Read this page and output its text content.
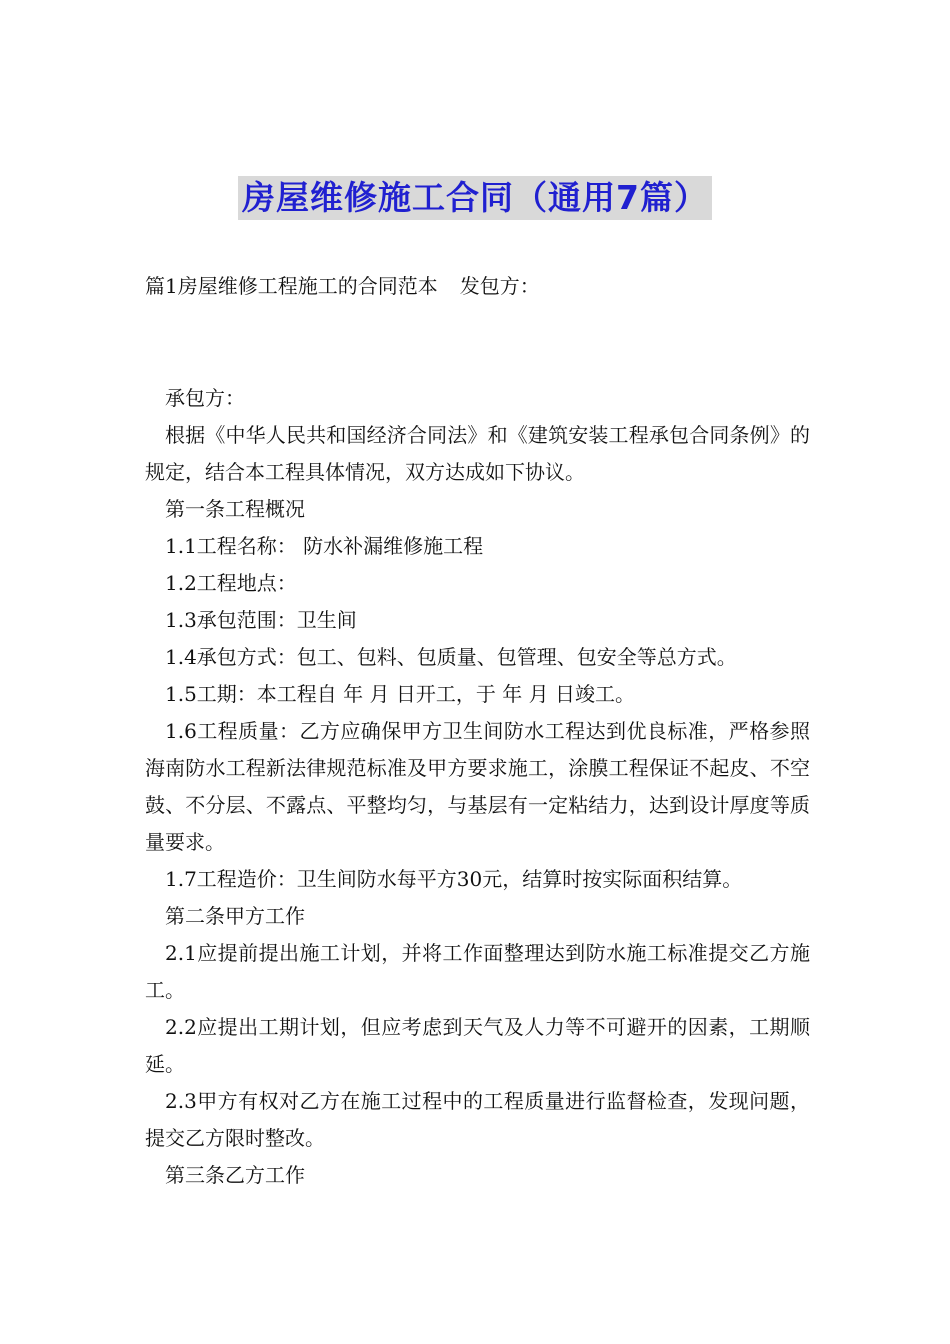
房屋维修施工合同（通用7篇）
篇1房屋维修工程施工的合同范本 发包方：

承包方：

根据《中华人民共和国经济合同法》和《建筑安装工程承包合同条例》的规定，结合本工程具体情况，双方达成如下协议。

第一条工程概况

1.1工程名称： 防水补漏维修施工程

1.2工程地点：

1.3承包范围：卫生间

1.4承包方式：包工、包料、包质量、包管理、包安全等总方式。

1.5工期：本工程自 年 月 日开工，于 年 月 日竣工。

1.6工程质量：乙方应确保甲方卫生间防水工程达到优良标准，严格参照海南防水工程新法律规范标准及甲方要求施工，涂膜工程保证不起皮、不空鼓、不分层、不露点、平整均匀，与基层有一定粘结力，达到设计厚度等质量要求。

1.7工程造价：卫生间防水每平方30元，结算时按实际面积结算。

第二条甲方工作

2.1应提前提出施工计划，并将工作面整理达到防水施工标准提交乙方施工。

2.2应提出工期计划，但应考虑到天气及人力等不可避开的因素，工期顺延。

2.3甲方有权对乙方在施工过程中的工程质量进行监督检查，发现问题，提交乙方限时整改。

第三条乙方工作
